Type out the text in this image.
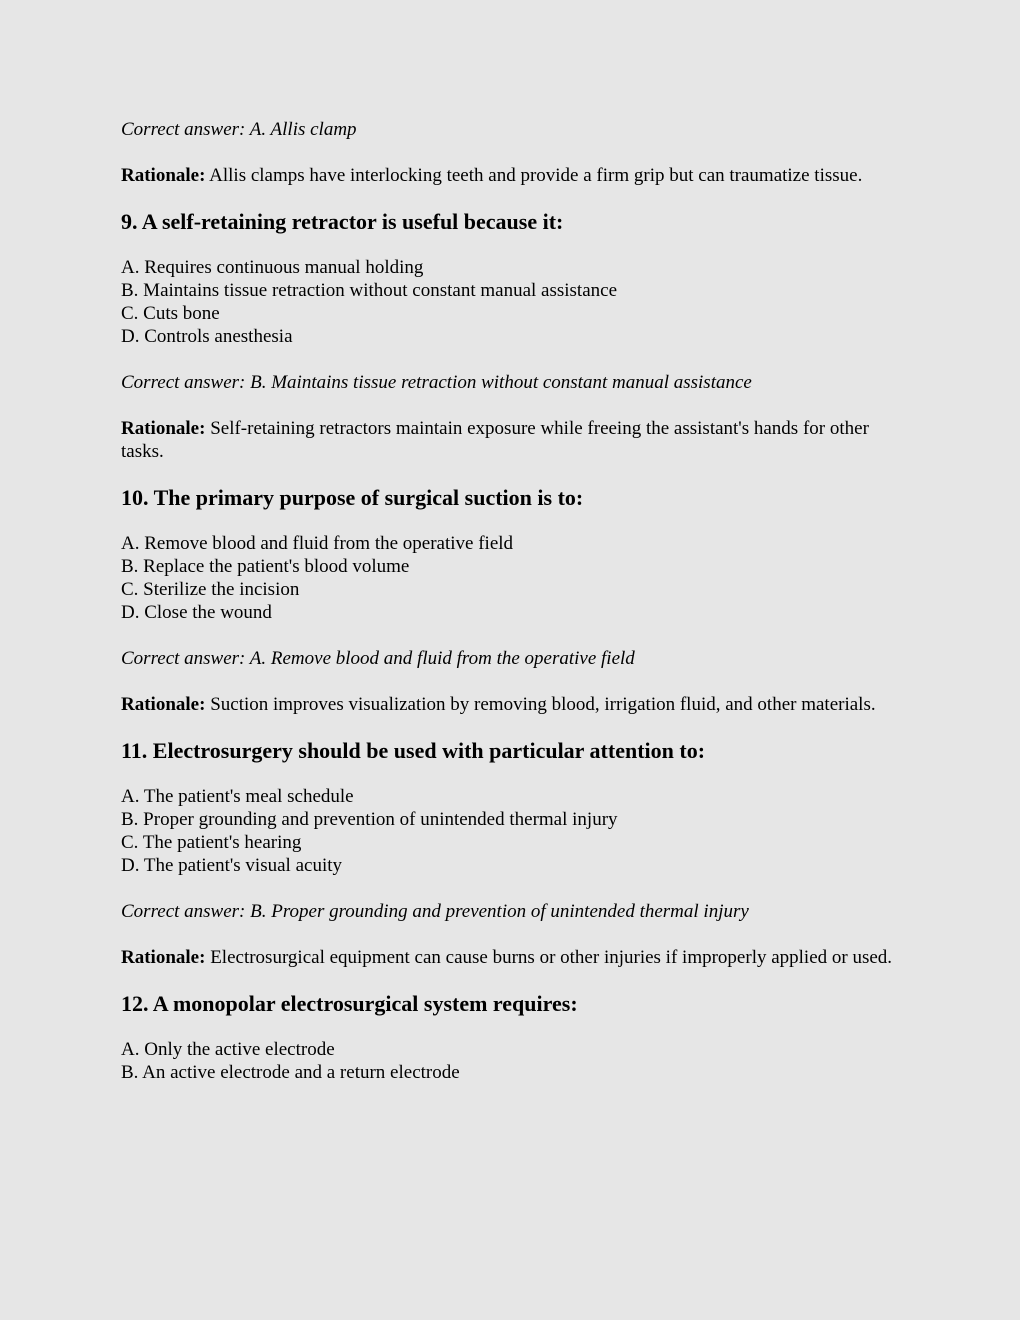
Correct answer: A. Allis clamp

Rationale: Allis clamps have interlocking teeth and provide a firm grip but can traumatize tissue.

9. A self-retaining retractor is useful because it:
A. Requires continuous manual holding
B. Maintains tissue retraction without constant manual assistance
C. Cuts bone
D. Controls anesthesia

Correct answer: B. Maintains tissue retraction without constant manual assistance

Rationale: Self-retaining retractors maintain exposure while freeing the assistant's hands for other tasks.

10. The primary purpose of surgical suction is to:
A. Remove blood and fluid from the operative field
B. Replace the patient's blood volume
C. Sterilize the incision
D. Close the wound

Correct answer: A. Remove blood and fluid from the operative field

Rationale: Suction improves visualization by removing blood, irrigation fluid, and other materials.

11. Electrosurgery should be used with particular attention to:
A. The patient's meal schedule
B. Proper grounding and prevention of unintended thermal injury
C. The patient's hearing
D. The patient's visual acuity

Correct answer: B. Proper grounding and prevention of unintended thermal injury

Rationale: Electrosurgical equipment can cause burns or other injuries if improperly applied or used.

12. A monopolar electrosurgical system requires:
A. Only the active electrode
B. An active electrode and a return electrode
